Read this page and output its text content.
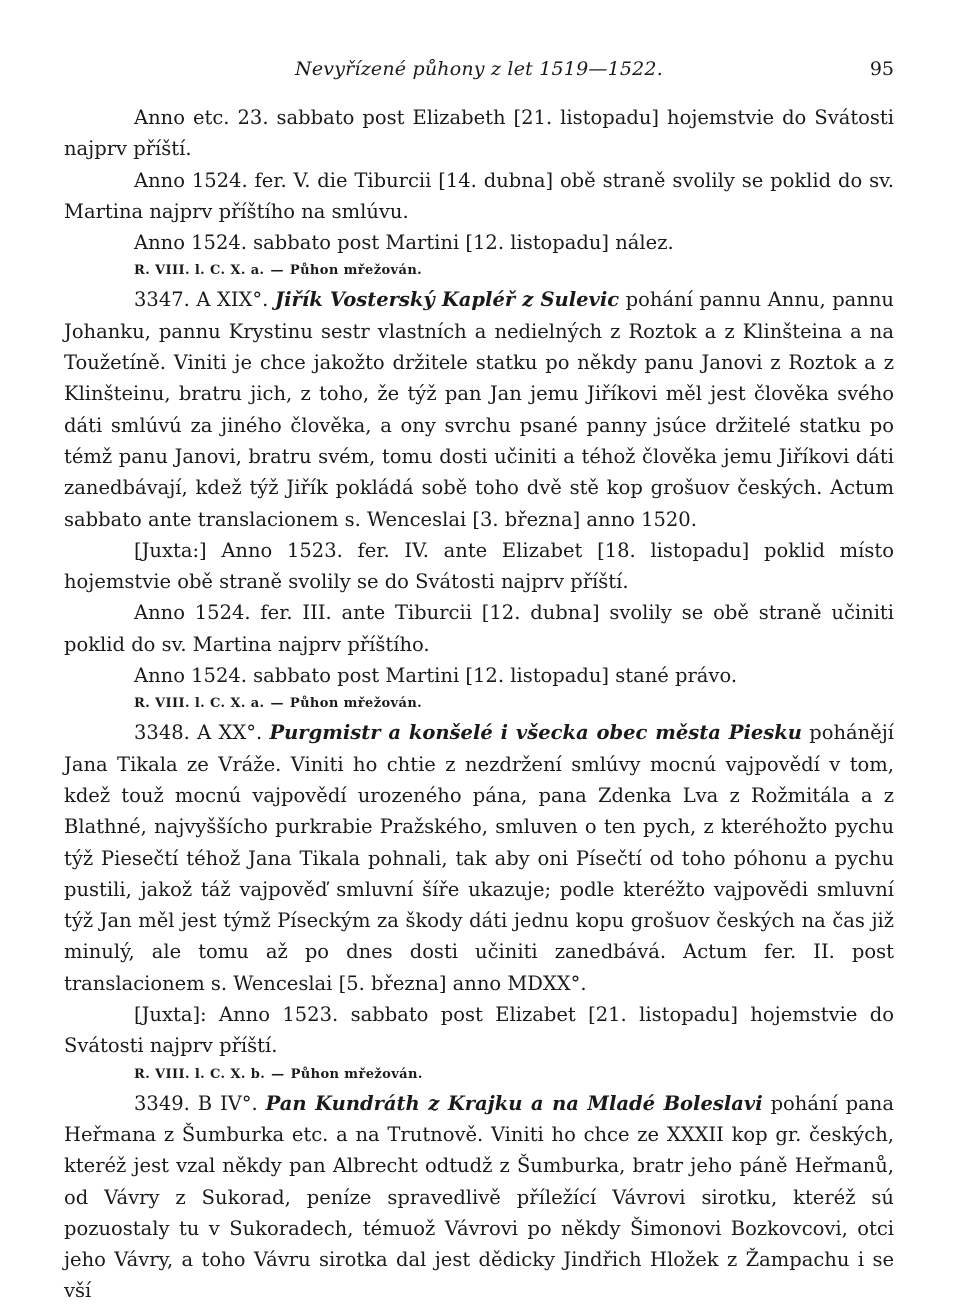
Nevyřízené půhony z let 1519—1522.	95

Anno etc. 23. sabbato post Elizabeth [21. listopadu] hojemstvie do Svátosti najprv příští.

Anno 1524. fer. V. die Tiburcii [14. dubna] obě straně svolily se poklid do sv. Martina najprv příštího na smlúvu.

Anno 1524. sabbato post Martini [12. listopadu] nález.

R. VIII. l. C. X. a. — Půhon mřežován.

3347. A XIX°. Jiřík Vosterský Kapléř z Sulevic pohání pannu Annu, pannu Johanku, pannu Krystinu sestr vlastních a nedielných z Roztok a z Klinšteina a na Toužetíně. Viniti je chce jakožto držitele statku po někdy panu Janovi z Roztok a z Klinšteinu, bratru jich, z toho, že týž pan Jan jemu Jiříkovi měl jest člověka svého dáti smlúvú za jiného člověka, a ony svrchu psané panny jsúce držitelé statku po témž panu Janovi, bratru svém, tomu dosti učiniti a téhož člověka jemu Jiříkovi dáti zanedbávají, kdež týž Jiřík pokládá sobě toho dvě stě kop grošuov českých. Actum sabbato ante translacionem s. Wenceslai [3. března] anno 1520.

[Juxta:] Anno 1523. fer. IV. ante Elizabet [18. listopadu] poklid místo hojemstvie obě straně svolily se do Svátosti najprv příští.

Anno 1524. fer. III. ante Tiburcii [12. dubna] svolily se obě straně učiniti poklid do sv. Martina najprv příštího.

Anno 1524. sabbato post Martini [12. listopadu] stané právo.

R. VIII. l. C. X. a. — Půhon mřežován.

3348. A XX°. Purgmistr a konšelé i všecka obec města Piesku pohánějí Jana Tikala ze Vráže. Viniti ho chtie z nezdržení smlúvy mocnú vajpovědí v tom, kdež touž mocnú vajpovědí urozeného pána, pana Zdenka Lva z Rožmitála a z Blathné, najvyššícho purkrabie Pražského, smluven o ten pych, z kteréhožto pychu týž Piesečtí téhož Jana Tikala pohnali, tak aby oni Písečtí od toho póhonu a pychu pustili, jakož táž vajpověď smluvní šíře ukazuje; podle kteréžto vajpovědi smluvní týž Jan měl jest týmž Píseckým za škody dáti jednu kopu grošuov českých na čas již minulý, ale tomu až po dnes dosti učiniti zanedbává. Actum fer. II. post translacionem s. Wenceslai [5. března] anno MDXX°.

[Juxta]: Anno 1523. sabbato post Elizabet [21. listopadu] hojemstvie do Svátosti najprv příští.

R. VIII. l. C. X. b. — Půhon mřežován.

3349. B IV°. Pan Kundráth z Krajku a na Mladé Boleslavi pohání pana Heřmana z Šumburka etc. a na Trutnově. Viniti ho chce ze XXXII kop gr. českých, kteréž jest vzal někdy pan Albrecht odtudž z Šumburka, bratr jeho páně Heřmanů, od Vávry z Sukorad, peníze spravedlivě příležící Vávrovi sirotku, kteréž sú pozuostaly tu v Sukoradech, témuož Vávrovi po někdy Šimonovi Bozkovcovi, otci jeho Vávry, a toho Vávru sirotka dal jest dědicky Jindřich Hložek z Žampachu i se vší
